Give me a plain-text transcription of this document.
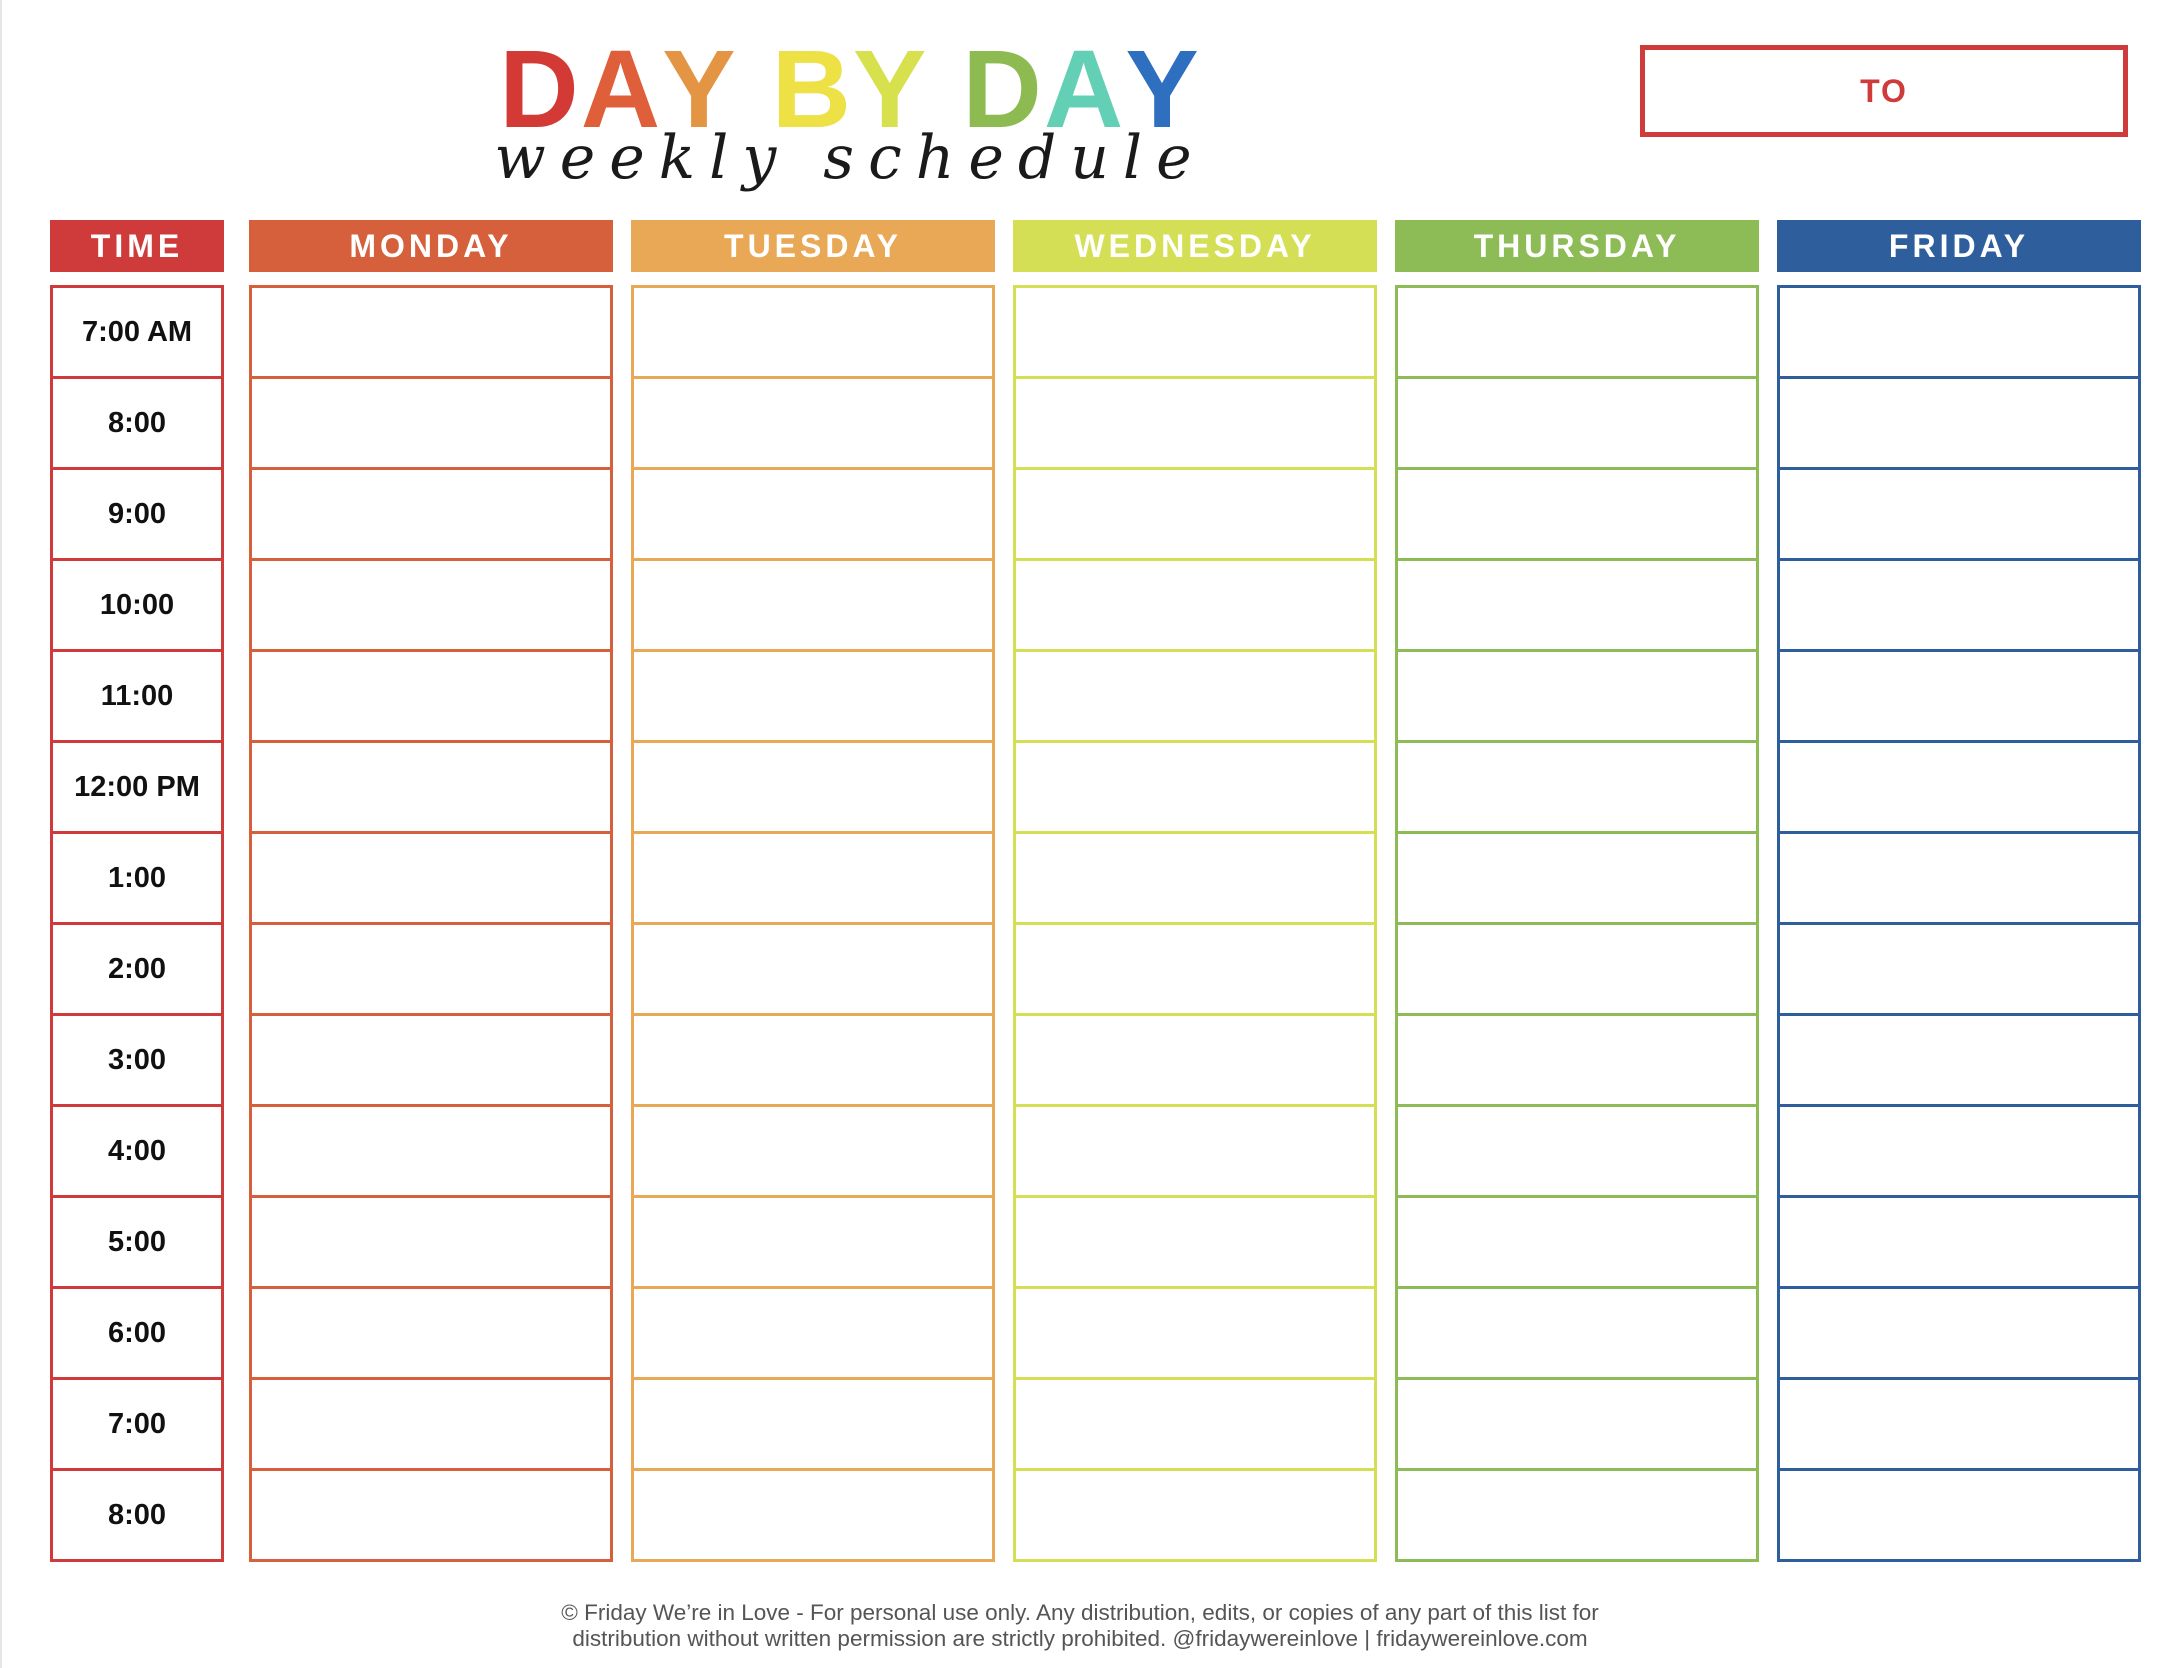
DAY BY DAY
weekly schedule
TO
TIME	MONDAY	TUESDAY	WEDNESDAY	THURSDAY	FRIDAY
7:00 AM
8:00
9:00
10:00
11:00
12:00 PM
1:00
2:00
3:00
4:00
5:00
6:00
7:00
8:00
© Friday We’re in Love - For personal use only. Any distribution, edits, or copies of any part of this list for
distribution without written permission are strictly prohibited. @fridaywereinlove | fridaywereinlove.com
